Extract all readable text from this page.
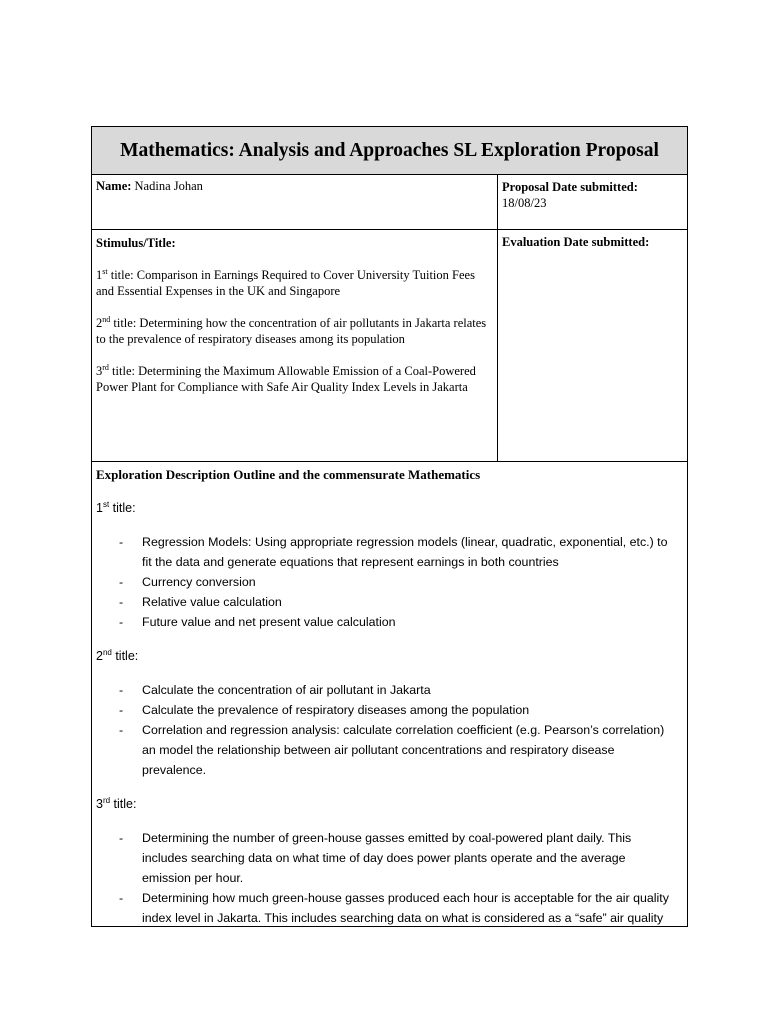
Mathematics: Analysis and Approaches SL Exploration Proposal
Name: Nadina Johan	Proposal Date submitted:
18/08/23

Stimulus/Title:

1st title: Comparison in Earnings Required to Cover University Tuition Fees and Essential Expenses in the UK and Singapore

2nd title: Determining how the concentration of air pollutants in Jakarta relates to the prevalence of respiratory diseases among its population

3rd title: Determining the Maximum Allowable Emission of a Coal-Powered Power Plant for Compliance with Safe Air Quality Index Levels in Jakarta

Evaluation Date submitted:

Exploration Description Outline and the commensurate Mathematics

1st title:

- Regression Models: Using appropriate regression models (linear, quadratic, exponential, etc.) to fit the data and generate equations that represent earnings in both countries
- Currency conversion
- Relative value calculation
- Future value and net present value calculation

2nd title:

- Calculate the concentration of air pollutant in Jakarta
- Calculate the prevalence of respiratory diseases among the population
- Correlation and regression analysis: calculate correlation coefficient (e.g. Pearson’s correlation) an model the relationship between air pollutant concentrations and respiratory disease prevalence.

3rd title:

- Determining the number of green-house gasses emitted by coal-powered plant daily. This includes searching data on what time of day does power plants operate and the average emission per hour.
- Determining how much green-house gasses produced each hour is acceptable for the air quality index level in Jakarta. This includes searching data on what is considered as a “safe” air quality
